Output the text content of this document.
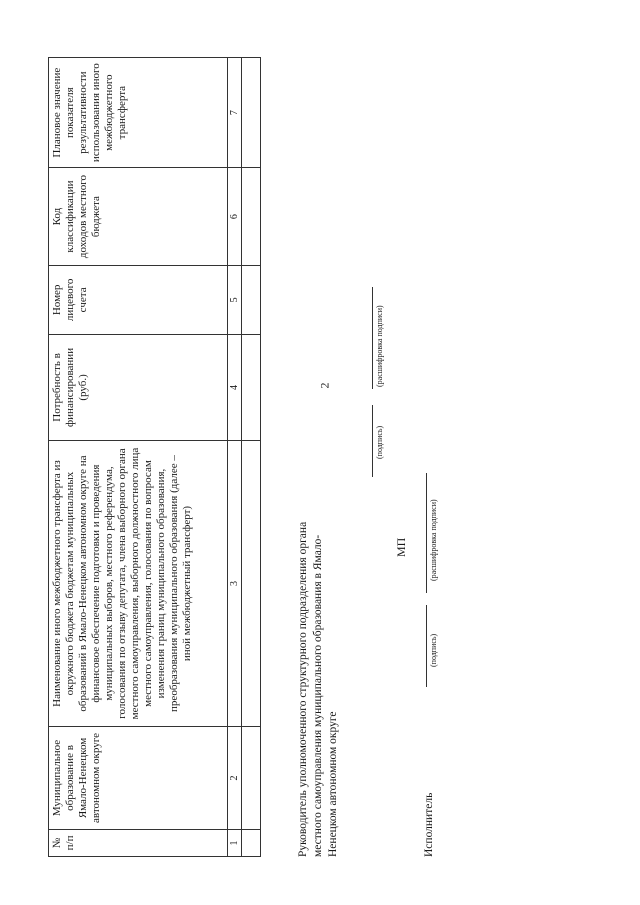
2
№ п/п	Муниципальное образование в Ямало-Ненецком автономном округе	Наименование иного межбюджетного трансферта из окружного бюджета бюджетам муниципальных образований в Ямало-Ненецком автономном округе на финансовое обеспечение подготовки и проведения муниципальных выборов, местного референдума, голосования по отзыву депутата, члена выборного органа местного самоуправления, выборного должностного лица местного самоуправления, голосования по вопросам изменения границ муниципального образования, преобразования муниципального образования (далее – иной межбюджетный трансферт)	Потребность в финансировании (руб.)	Номер лицевого счета	Код классификации доходов местного бюджета	Плановое значение показателя результативности использования иного межбюджетного трансферта
1	2	3	4	5	6	7

Руководитель уполномоченного структурного подразделения органа местного самоуправления муниципального образования в Ямало-Ненецком автономном округе
(подпись)
(расшифровка подписи)
МП
Исполнитель
(подпись)
(расшифровка подписи)
